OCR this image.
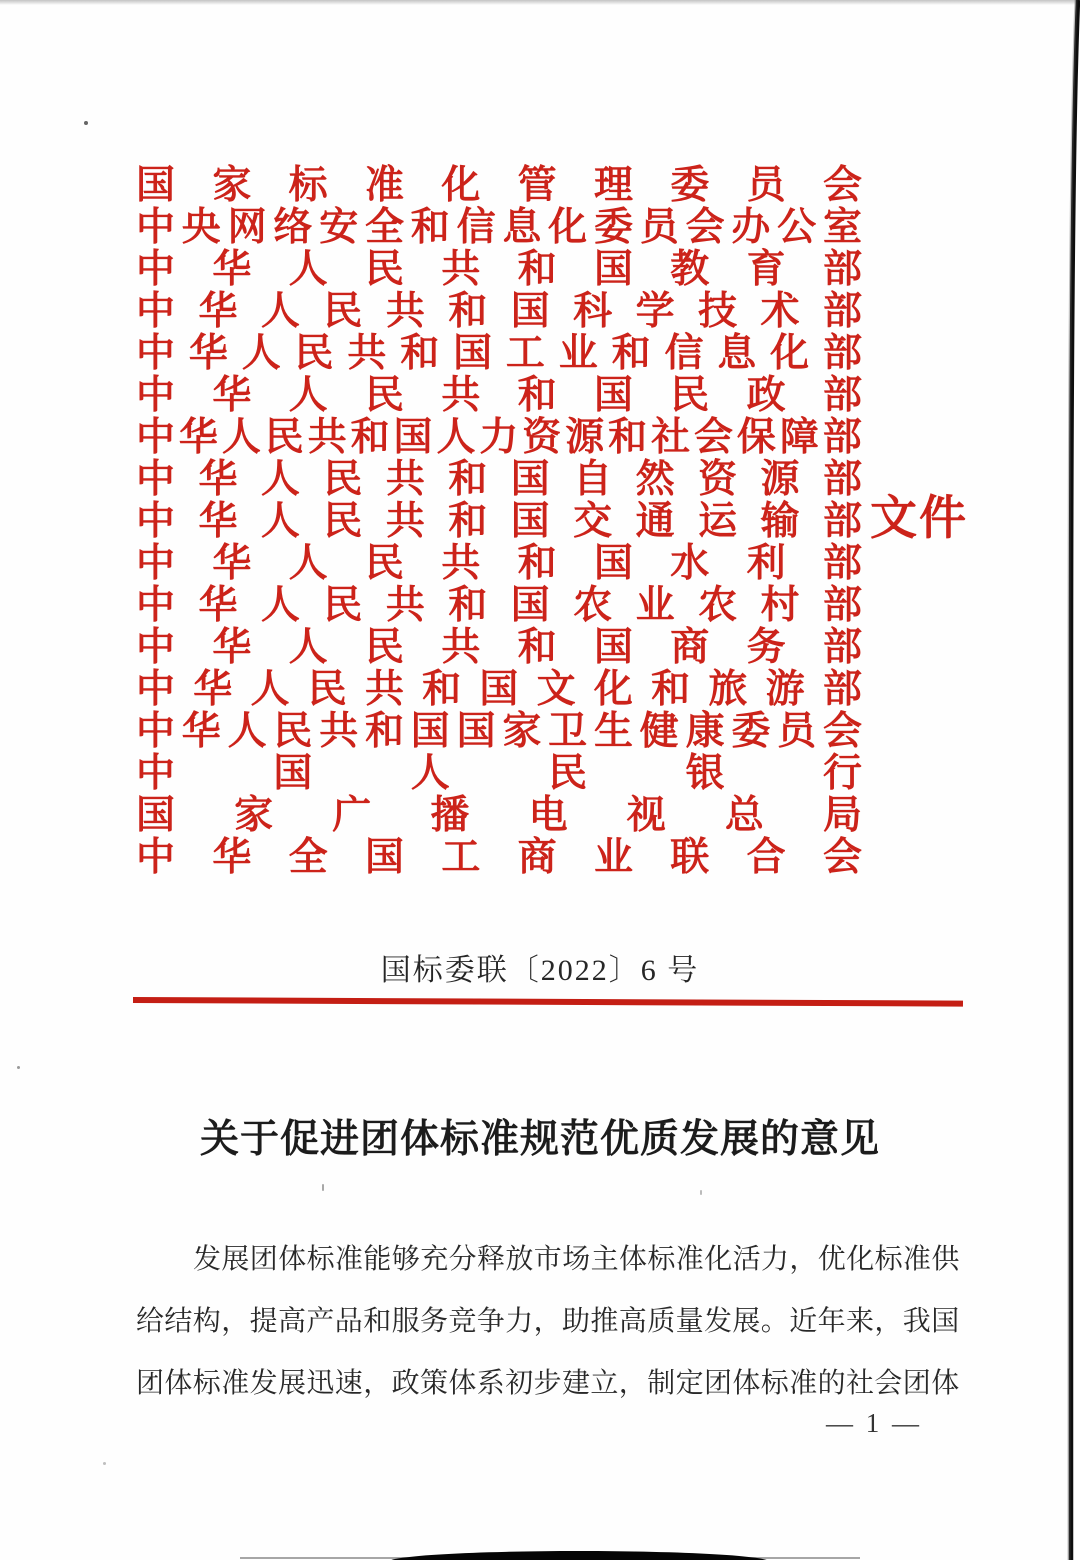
国 家 标 准 化 管 理 委 员 会
中 央 网 络 安 全 和 信 息 化 委 员 会 办 公 室
中 华 人 民 共 和 国 教 育 部
中 华 人 民 共 和 国 科 学 技 术 部
中 华 人 民 共 和 国 工 业 和 信 息 化 部
中 华 人 民 共 和 国 民 政 部
中 华 人 民 共 和 国 人 力 资 源 和 社 会 保 障 部
中 华 人 民 共 和 国 自 然 资 源 部
中 华 人 民 共 和 国 交 通 运 输 部
中 华 人 民 共 和 国 水 利 部
中 华 人 民 共 和 国 农 业 农 村 部
中 华 人 民 共 和 国 商 务 部
中 华 人 民 共 和 国 文 化 和 旅 游 部
中 华 人 民 共 和 国 国 家 卫 生 健 康 委 员 会
中	国	人	民	银	行
国 家 广 播 电 视 总 局
中 华 全 国 工 商 业 联 合 会
文件
国标委联〔2022〕6 号
关于促进团体标准规范优质发展的意见
发展团体标准能够充分释放市场主体标准化活力，优化标准供
给结构，提高产品和服务竞争力，助推高质量发展。近年来，我国
团体标准发展迅速，政策体系初步建立，制定团体标准的社会团体
— 1 —
